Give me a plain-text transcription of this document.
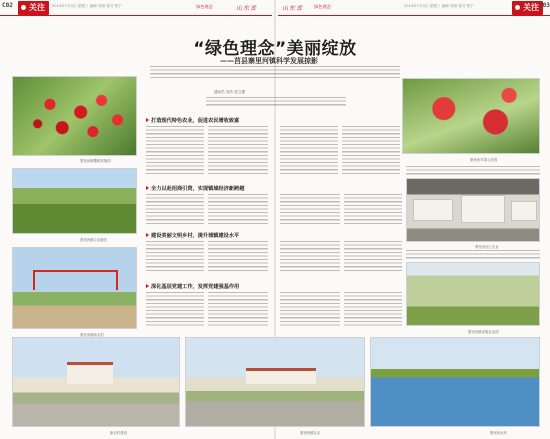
C02	关注	2014年7月9日 星期三 编辑 刘涛 校对 郭宁	绿色理念	山东省	山东省	绿色理念	2014年7月9日 星期三 编辑 刘涛 校对 郭宁	关注 C03
“绿色理念”美丽绽放
——莒县寨里河镇科学发展掠影
通讯员 刘杰 张立强
寨里河镇樱桃采摘园	寨里河苹果示范园
打造现代特色农业，促进农民增收致富
全力以赴招商引资，实现镇域经济新跨越
建设美丽文明乡村，提升城镇建设水平
深化基层党建工作，发挥党建强基作用
寨里河镇万亩粮田
寨里河镇新农村
寨里河加工企业
寨里河镇设施农业园
新农村建设	寨里河镇社区	寨里河水库
